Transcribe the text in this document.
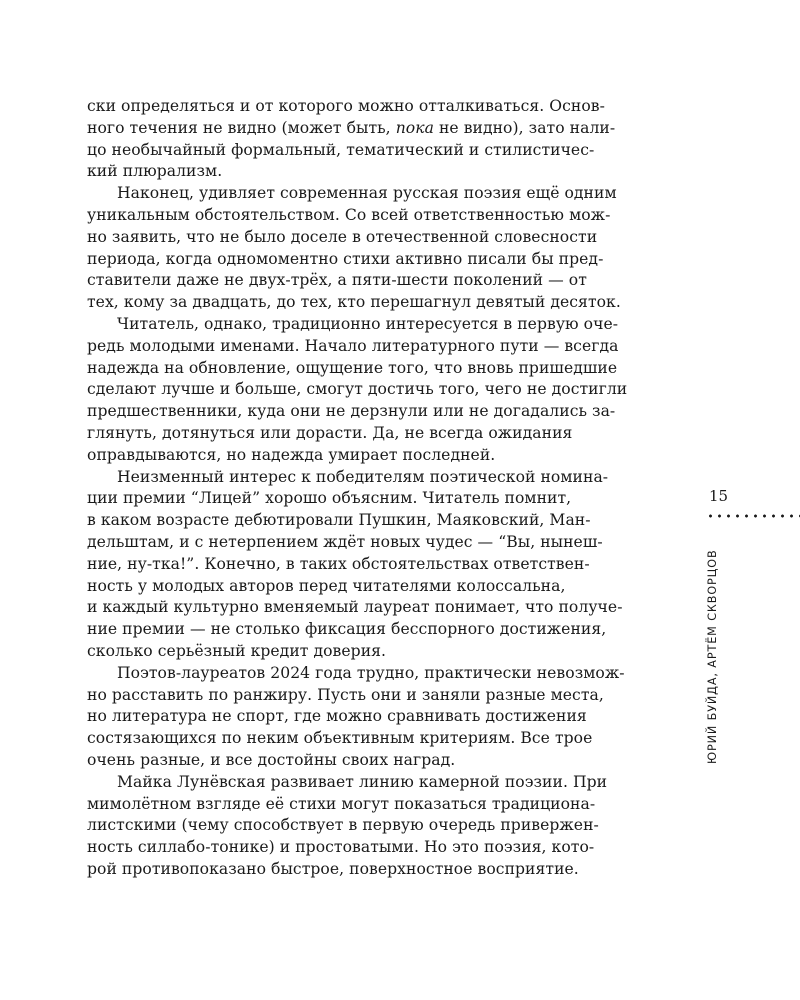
ски определяться и от которого можно отталкиваться. Основ-
ного течения не видно (может быть, пока не видно), зато нали-
цо необычайный формальный, тематический и стилистичес-
кий плюрализм.
Наконец, удивляет современная русская поэзия ещё одним
уникальным обстоятельством. Со всей ответственностью мож-
но заявить, что не было доселе в отечественной словесности
периода, когда одномоментно стихи активно писали бы пред-
ставители даже не двух-трёх, а пяти-шести поколений — от
тех, кому за двадцать, до тех, кто перешагнул девятый десяток.
Читатель, однако, традиционно интересуется в первую оче-
редь молодыми именами. Начало литературного пути — всегда
надежда на обновление, ощущение того, что вновь пришедшие
сделают лучше и больше, смогут достичь того, чего не достигли
предшественники, куда они не дерзнули или не догадались за-
глянуть, дотянуться или дорасти. Да, не всегда ожидания
оправдываются, но надежда умирает последней.
Неизменный интерес к победителям поэтической номина-
ции премии “Лицей” хорошо объясним. Читатель помнит,
в каком возрасте дебютировали Пушкин, Маяковский, Ман-
дельштам, и с нетерпением ждёт новых чудес — “Вы, нынеш-
ние, ну-тка!”. Конечно, в таких обстоятельствах ответствен-
ность у молодых авторов перед читателями колоссальна,
и каждый культурно вменяемый лауреат понимает, что получе-
ние премии — не столько фиксация бесспорного достижения,
сколько серьёзный кредит доверия.
Поэтов-лауреатов 2024 года трудно, практически невозмож-
но расставить по ранжиру. Пусть они и заняли разные места,
но литература не спорт, где можно сравнивать достижения
состязающихся по неким объективным критериям. Все трое
очень разные, и все достойны своих наград.
Майка Лунёвская развивает линию камерной поэзии. При
мимолётном взгляде её стихи могут показаться традициона-
листскими (чему способствует в первую очередь привержен-
ность силлабо-тонике) и простоватыми. Но это поэзия, кото-
рой противопоказано быстрое, поверхностное восприятие.
15
ЮРИЙ БУЙДА, АРТЁМ СКВОРЦОВ
